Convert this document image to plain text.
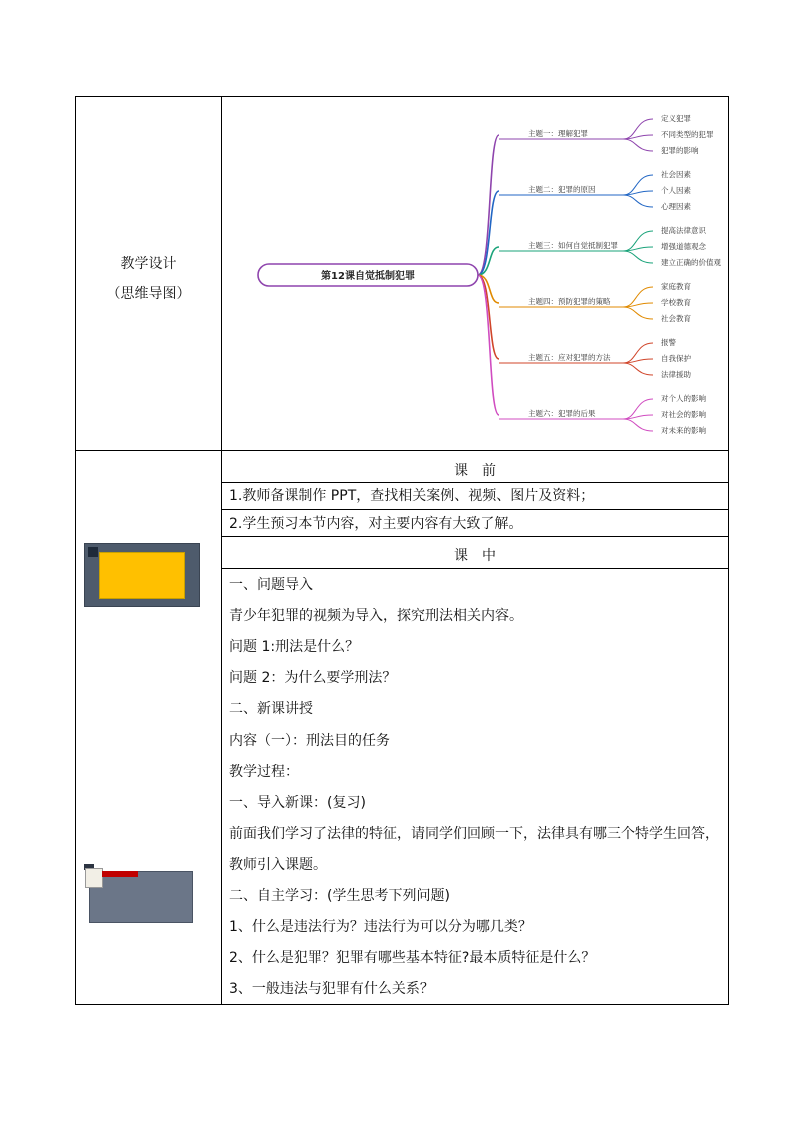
教学设计
（思维导图）
主题一：理解犯罪
定义犯罪
不同类型的犯罪
犯罪的影响
主题二：犯罪的原因
社会因素
个人因素
心理因素
主题三：如何自觉抵制犯罪
提高法律意识
增强道德观念
建立正确的价值观
主题四：预防犯罪的策略
家庭教育
学校教育
社会教育
主题五：应对犯罪的方法
报警
自我保护
法律援助
主题六：犯罪的后果
对个人的影响
对社会的影响
对未来的影响
第12课自觉抵制犯罪
课　前
1.教师备课制作 PPT，查找相关案例、视频、图片及资料；
2.学生预习本节内容，对主要内容有大致了解。
课　中
一、问题导入
青少年犯罪的视频为导入，探究刑法相关内容。
问题 1:刑法是什么？
问题 2：为什么要学刑法？
二、新课讲授
内容（一）：刑法目的任务
教学过程：
一、导入新课：(复习)
前面我们学习了法律的特征，请同学们回顾一下，法律具有哪三个特学生回答，
教师引入课题。
二、自主学习：(学生思考下列问题)
1、什么是违法行为？违法行为可以分为哪几类？
2、什么是犯罪？犯罪有哪些基本特征?最本质特征是什么？
3、一般违法与犯罪有什么关系？
